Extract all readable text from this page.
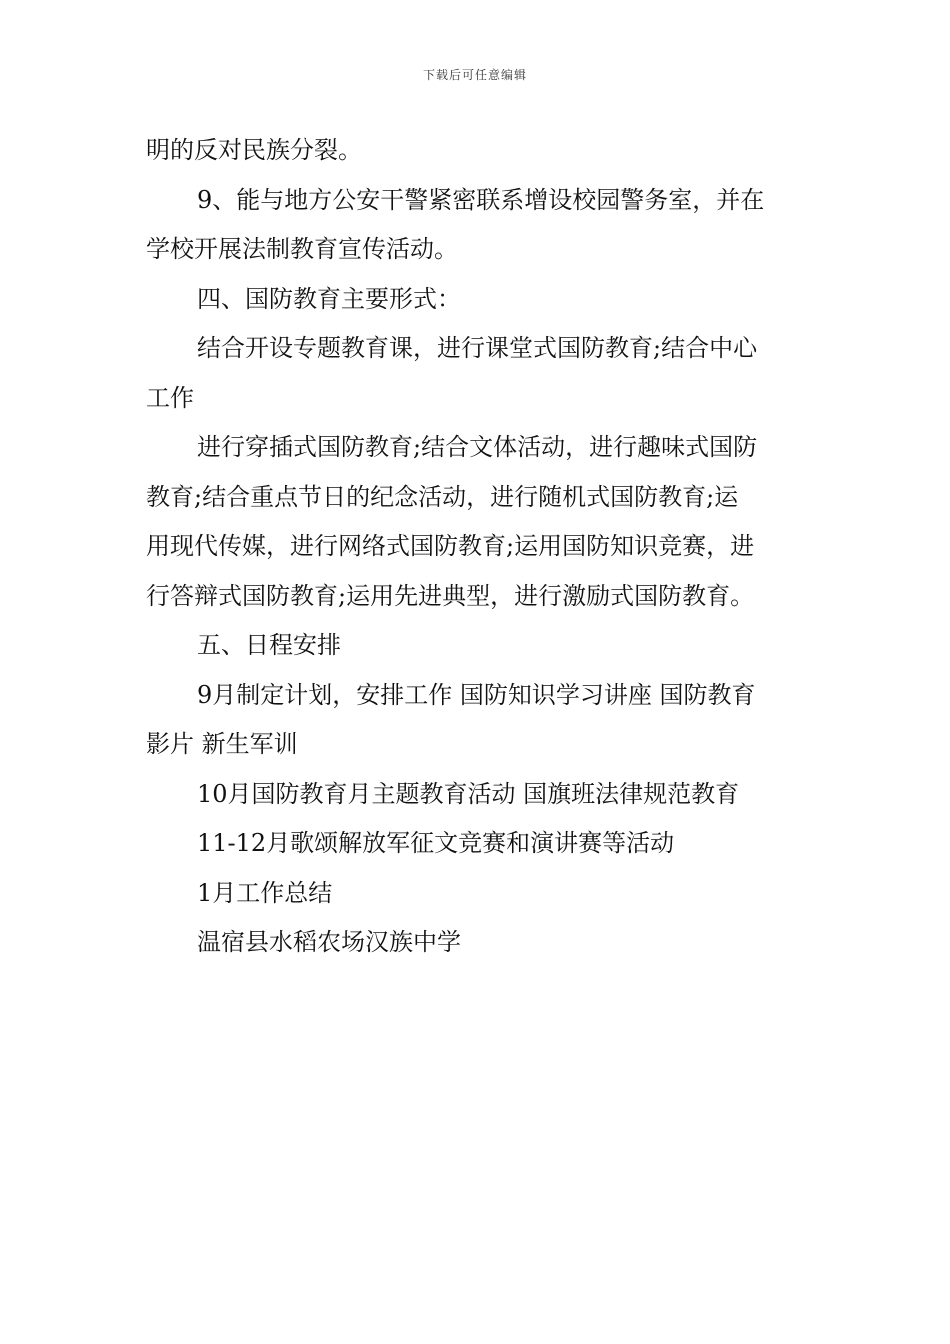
下载后可任意编辑
明的反对民族分裂。
9、能与地方公安干警紧密联系增设校园警务室，并在
学校开展法制教育宣传活动。
四、国防教育主要形式：
结合开设专题教育课，进行课堂式国防教育;结合中心
工作
进行穿插式国防教育;结合文体活动，进行趣味式国防
教育;结合重点节日的纪念活动，进行随机式国防教育;运
用现代传媒，进行网络式国防教育;运用国防知识竞赛，进
行答辩式国防教育;运用先进典型，进行激励式国防教育。
五、日程安排
9月制定计划，安排工作 国防知识学习讲座 国防教育
影片 新生军训
10月国防教育月主题教育活动 国旗班法律规范教育
11-12月歌颂解放军征文竞赛和演讲赛等活动
1月工作总结
温宿县水稻农场汉族中学
